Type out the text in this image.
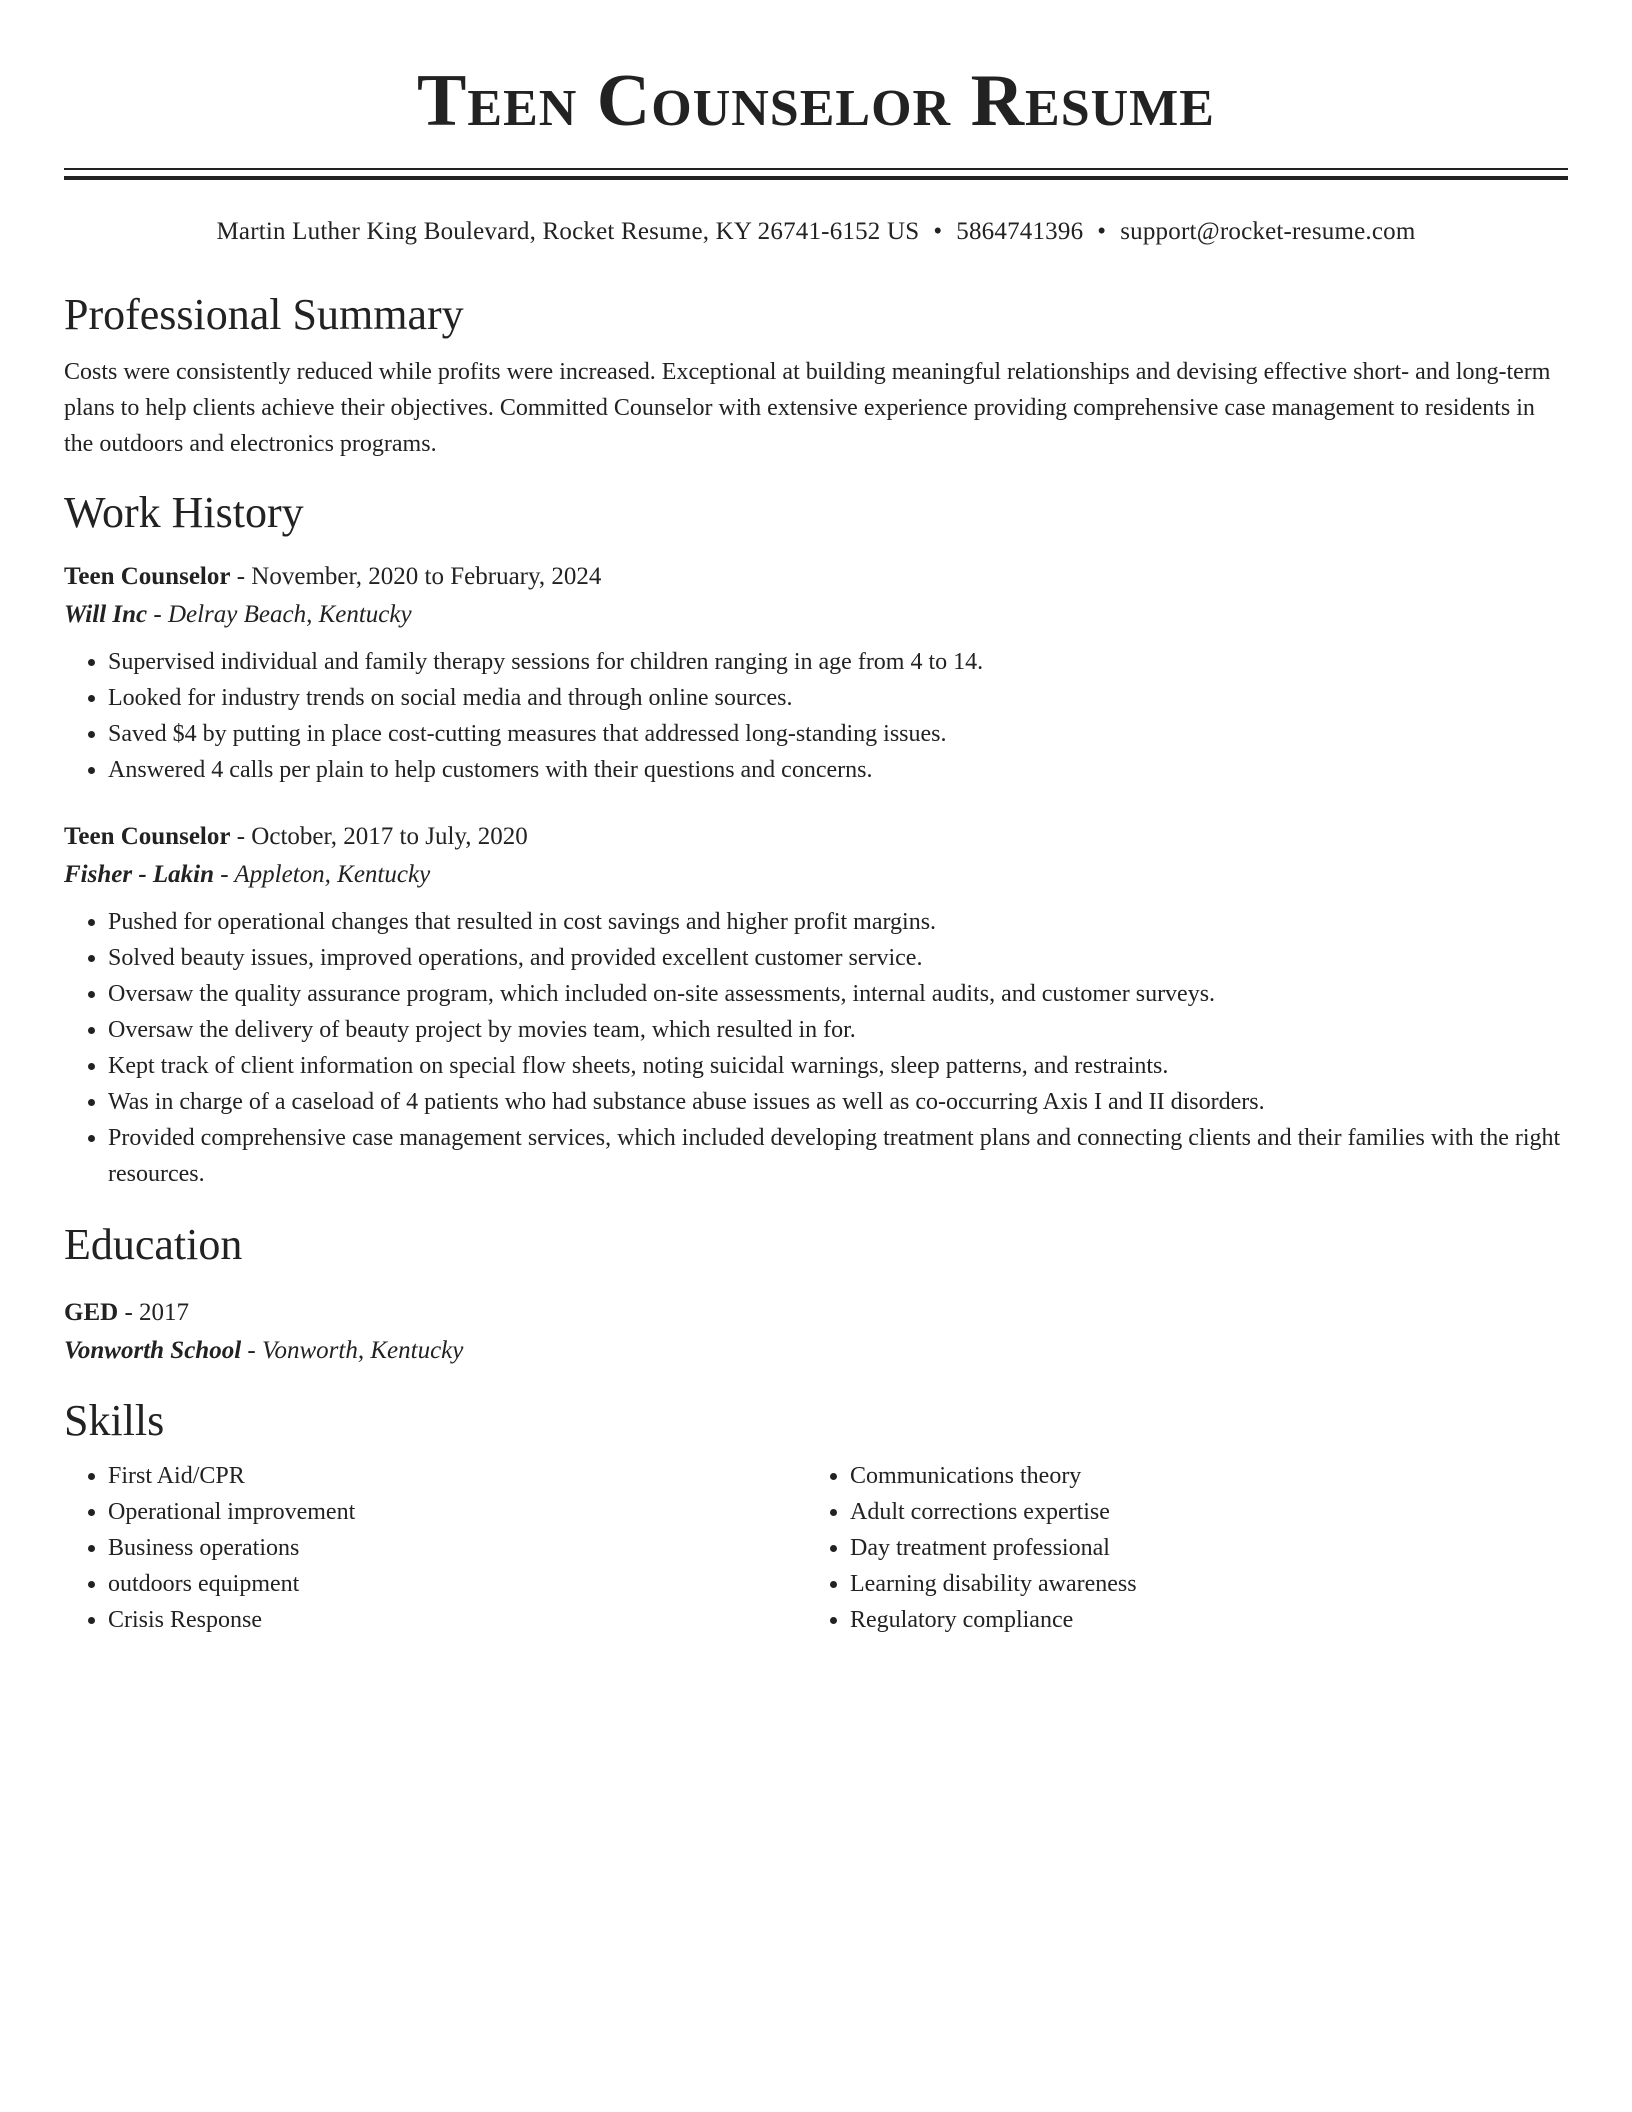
Teen Counselor Resume
Martin Luther King Boulevard, Rocket Resume, KY 26741-6152 US • 5864741396 • support@rocket-resume.com
Professional Summary
Costs were consistently reduced while profits were increased. Exceptional at building meaningful relationships and devising effective short- and long-term plans to help clients achieve their objectives. Committed Counselor with extensive experience providing comprehensive case management to residents in the outdoors and electronics programs.
Work History
Teen Counselor - November, 2020 to February, 2024
Will Inc - Delray Beach, Kentucky
• Supervised individual and family therapy sessions for children ranging in age from 4 to 14.
• Looked for industry trends on social media and through online sources.
• Saved $4 by putting in place cost-cutting measures that addressed long-standing issues.
• Answered 4 calls per plain to help customers with their questions and concerns.
Teen Counselor - October, 2017 to July, 2020
Fisher - Lakin - Appleton, Kentucky
• Pushed for operational changes that resulted in cost savings and higher profit margins.
• Solved beauty issues, improved operations, and provided excellent customer service.
• Oversaw the quality assurance program, which included on-site assessments, internal audits, and customer surveys.
• Oversaw the delivery of beauty project by movies team, which resulted in for.
• Kept track of client information on special flow sheets, noting suicidal warnings, sleep patterns, and restraints.
• Was in charge of a caseload of 4 patients who had substance abuse issues as well as co-occurring Axis I and II disorders.
• Provided comprehensive case management services, which included developing treatment plans and connecting clients and their families with the right resources.
Education
GED - 2017
Vonworth School - Vonworth, Kentucky
Skills
• First Aid/CPR
• Operational improvement
• Business operations
• outdoors equipment
• Crisis Response
• Communications theory
• Adult corrections expertise
• Day treatment professional
• Learning disability awareness
• Regulatory compliance
